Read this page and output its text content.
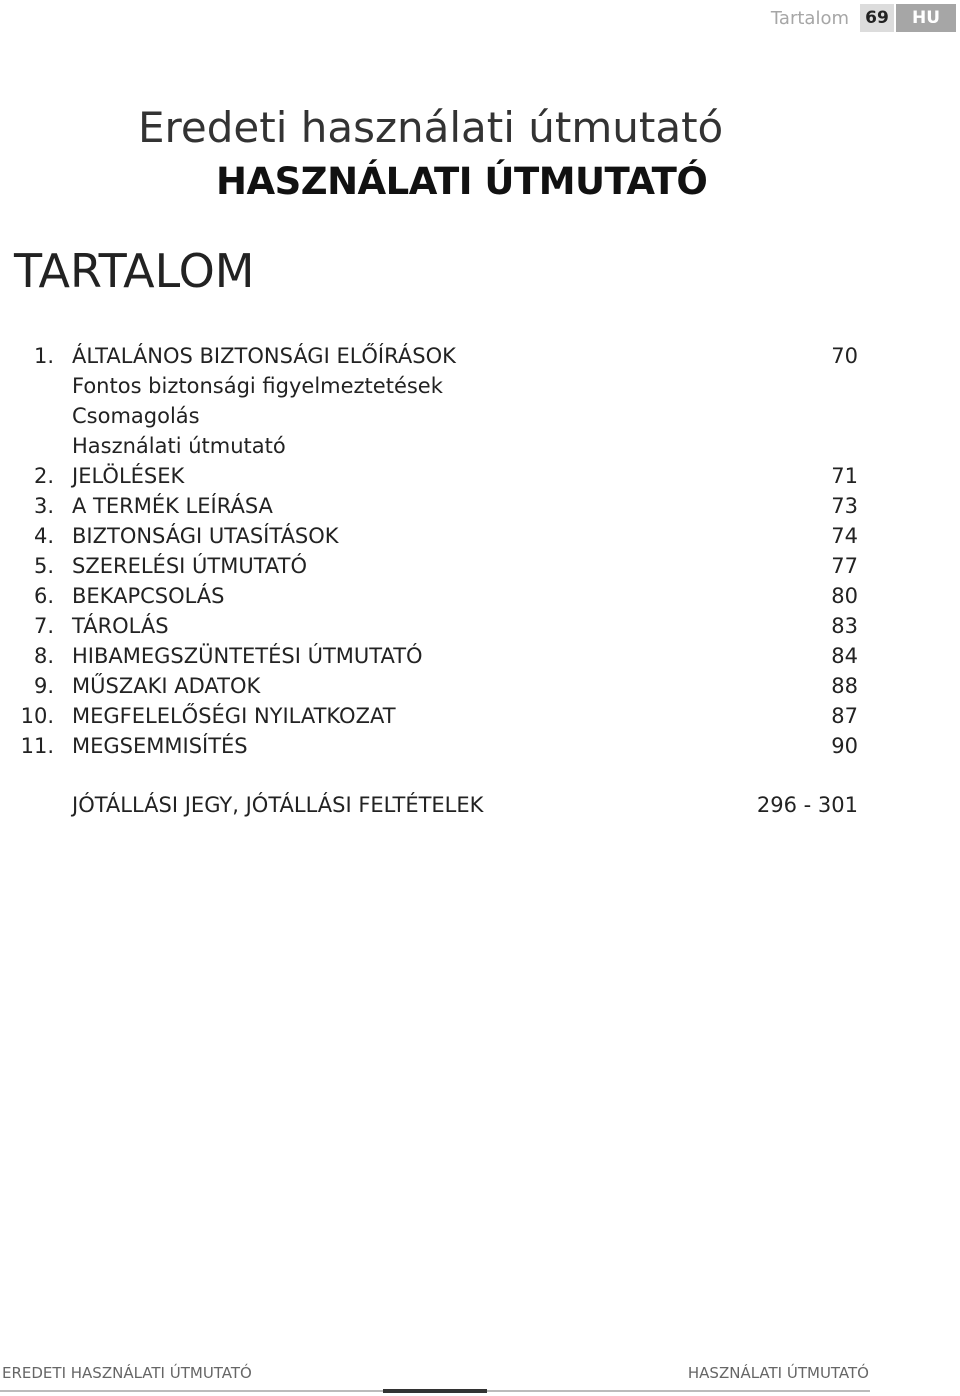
Tartalom 69	HU
Eredeti használati útmutató
HASZNÁLATI ÚTMUTATÓ
TARTALOM
1. ÁLTALÁNOS BIZTONSÁGI ELŐÍRÁSOK	70
Fontos biztonsági figyelmeztetések
Csomagolás
Használati útmutató
2. JELÖLÉSEK	71
3. A TERMÉK LEÍRÁSA	73
4. BIZTONSÁGI UTASÍTÁSOK	74
5. SZERELÉSI ÚTMUTATÓ	77
6. BEKAPCSOLÁS	80
7. TÁROLÁS	83
8. HIBAMEGSZÜNTETÉSI ÚTMUTATÓ	84
9. MŰSZAKI ADATOK	88
10. MEGFELELŐSÉGI NYILATKOZAT	87
11. MEGSEMMISÍTÉS	90
JÓTÁLLÁSI JEGY, JÓTÁLLÁSI FELTÉTELEK	296 - 301
EREDETI HASZNÁLATI ÚTMUTATÓ	HASZNÁLATI ÚTMUTATÓ
